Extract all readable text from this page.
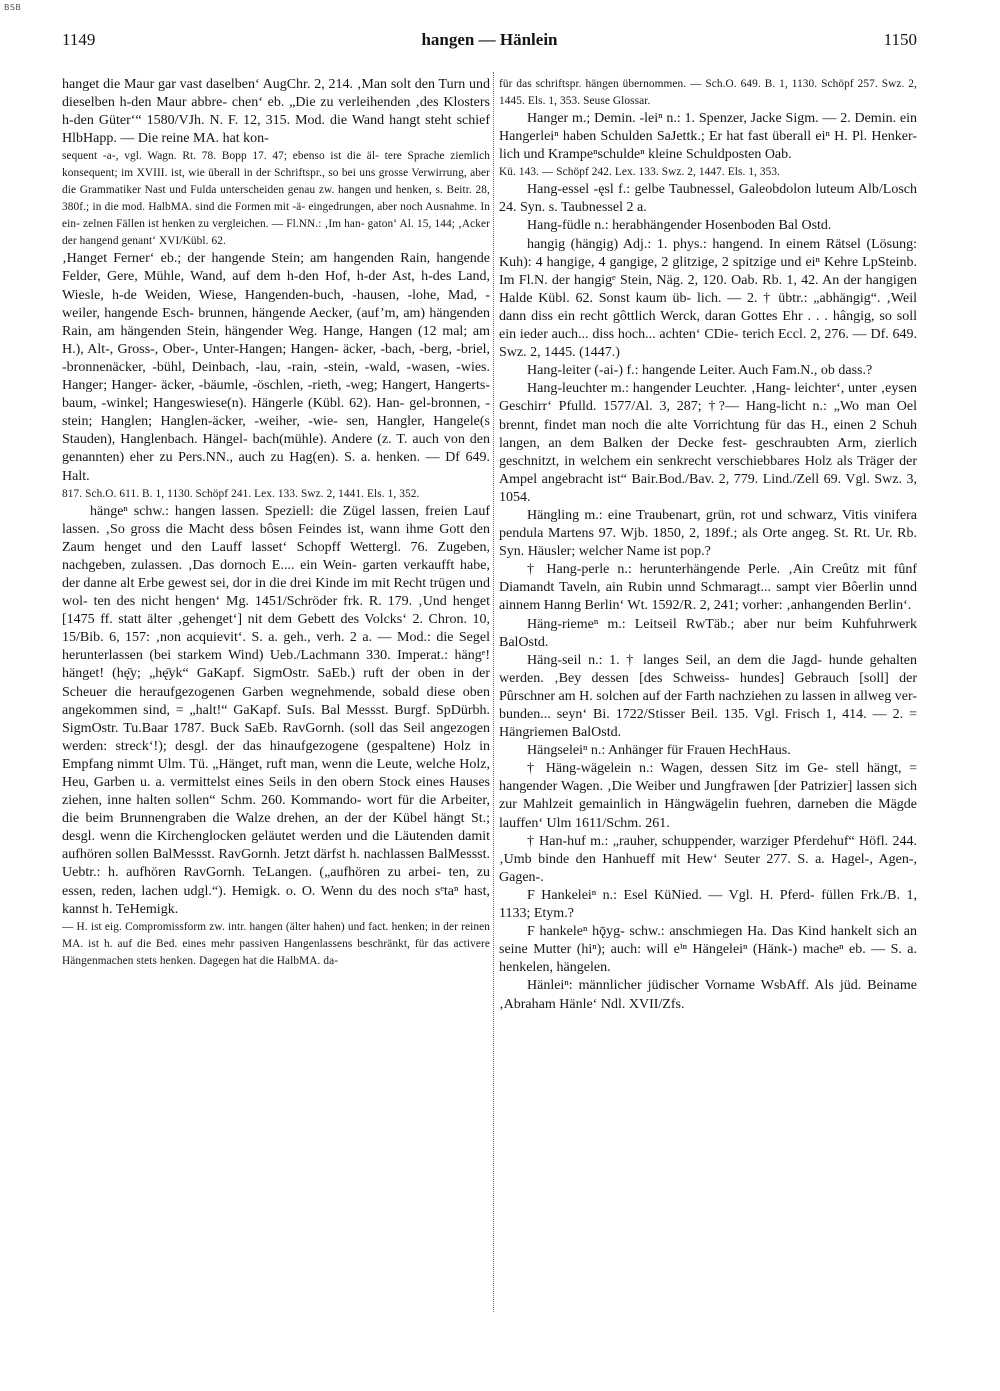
BSB
1149	hangen — Hänlein	1150

hanget die Maur gar vast daselben‘ AugChr. 2, 214. ‚Man solt den Turn und dieselben h-den Maur abbre- chen‘ eb. „Die zu verleihenden ‚des Klosters h-den Güter‘“ 1580/VJh. N. F. 12, 315. Mod. die Wand hangt steht schief HlbHapp. — Die reine MA. hat kon-

sequent -a-, vgl. Wagn. Rt. 78. Bopp 17. 47; ebenso ist die äl- tere Sprache ziemlich konsequent; im XVIII. ist, wie überall in der Schriftspr., so bei uns grosse Verwirrung, aber die Grammatiker Nast und Fulda unterscheiden genau zw. hangen und henken, s. Beitr. 28, 380f.; in die mod. HalbMA. sind die Formen mit -ä- eingedrungen, aber noch Ausnahme. In ein- zelnen Fällen ist henken zu vergleichen. — Fl.NN.: ‚Im han- gaton‘ Al. 15, 144; ‚Acker der hangend genant‘ XVI/Kübl. 62.

‚Hanget Ferner‘ eb.; der hangende Stein; am hangenden Rain, hangende Felder, Gere, Mühle, Wand, auf dem h-den Hof, h-der Ast, h-des Land, Wiesle, h-de Weiden, Wiese, Hangenden-buch, -hausen, -lohe, Mad, -weiler, hangende Esch- brunnen, hängende Aecker, (auf’m, am) hängenden Rain, am hängenden Stein, hängender Weg. Hange, Hangen (12 mal; am H.), Alt-, Gross-, Ober-, Unter-Hangen; Hangen- äcker, -bach, -berg, -briel, -bronnenäcker, -bühl, Deinbach, -lau, -rain, -stein, -wald, -wasen, -wies. Hanger; Hanger- äcker, -bäumle, -öschlen, -rieth, -weg; Hangert, Hangerts- baum, -winkel; Hangeswiese(n). Hängerle (Kübl. 62). Han- gel-bronnen, -stein; Hanglen; Hanglen-äcker, -weiher, -wie- sen, Hangler, Hangele(s Stauden), Hanglenbach. Hängel- bach(mühle). Andere (z. T. auch von den genannten) eher zu Pers.NN., auch zu Hag(en). S. a. henken. — Df 649. Halt.

817. Sch.O. 611. B. 1, 1130. Schöpf 241. Lex. 133. Swz. 2, 1441. Els. 1, 352.

hängeⁿ schw.: hangen lassen. Speziell: die Zügel lassen, freien Lauf lassen. ‚So gross die Macht dess bôsen Feindes ist, wann ihme Gott den Zaum henget und den Lauff lasset‘ Schopff Wettergl. 76. Zugeben, nachgeben, zulassen. ‚Das dornoch E.... ein Wein- garten verkaufft habe, der danne alt Erbe gewest sei, dor in die drei Kinde im mit Recht trügen und wol- ten des nicht hengen‘ Mg. 1451/Schröder frk. R. 179. ‚Und henget [1475 ff. statt älter ‚gehenget‘] nit dem Gebett des Volcks‘ 2. Chron. 10, 15/Bib. 6, 157: ‚non acquievit‘. S. a. geh., verh. 2 a. — Mod.: die Segel herunterlassen (bei starkem Wind) Ueb./Lachmann 330. Imperat.: hängᵉ! hänget! (hę̄y; „hę̄yk“ GaKapf. SigmOstr. SaEb.) ruft der oben in der Scheuer die heraufgezogenen Garben wegnehmende, sobald diese oben angekommen sind, = „halt!“ GaKapf. SuIs. Bal Messst. Burgf. SpDürbh. SigmOstr. Tu.Baar 1787. Buck SaEb. RavGornh. (soll das Seil angezogen werden: streck‘!); desgl. der das hinaufgezogene (gespaltene) Holz in Empfang nimmt Ulm. Tü. „Hänget, ruft man, wenn die Leute, welche Holz, Heu, Garben u. a. vermittelst eines Seils in den obern Stock eines Hauses ziehen, inne halten sollen“ Schm. 260. Kommando- wort für die Arbeiter, die beim Brunnengraben die Walze drehen, an der der Kübel hängt St.; desgl. wenn die Kirchenglocken geläutet werden und die Läutenden damit aufhören sollen BalMessst. RavGornh. Jetzt därfst h. nachlassen BalMessst. Uebtr.: h. aufhören RavGornh. TeLangen. („aufhören zu arbei- ten, zu essen, reden, lachen udgl.“). Hemigk. o. O. Wenn du des noch sᵉtaⁿ hast, kannst h. TeHemigk.

— H. ist eig. Compromissform zw. intr. hangen (älter hahen) und fact. henken; in der reinen MA. ist h. auf die Bed. eines mehr passiven Hangenlassens beschränkt, für das activere Hängenmachen stets henken. Dagegen hat die HalbMA. da-

für das schriftspr. hängen übernommen. — Sch.O. 649. B. 1, 1130. Schöpf 257. Swz. 2, 1445. Els. 1, 353. Seuse Glossar.

Hanger m.; Demin. -leiⁿ n.: 1. Spenzer, Jacke Sigm. — 2. Demin. ein Hangerleiⁿ haben Schulden SaJettk.; Er hat fast überall eiⁿ H. Pl. Henker- lich und Krampeⁿschuldeⁿ kleine Schuldposten Oab.

Kü. 143. — Schöpf 242. Lex. 133. Swz. 2, 1447. Els. 1, 353.

Hang-essel -ęsl f.: gelbe Taubnessel, Galeobdolon luteum Alb/Losch 24. Syn. s. Taubnessel 2 a.

Hang-füdle n.: herabhängender Hosenboden Bal Ostd.

hangig (hängig) Adj.: 1. phys.: hangend. In einem Rätsel (Lösung: Kuh): 4 hangige, 4 gangige, 2 glitzige, 2 spitzige und eiⁿ Kehre LpSteinb. Im Fl.N. der hangigᵉ Stein, Näg. 2, 120. Oab. Rb. 1, 42. An der hangigen Halde Kübl. 62. Sonst kaum üb- lich. — 2. † übtr.: „abhängig“. ‚Weil dann diss ein recht gôttlich Werck, daran Gottes Ehr . . . hângig, so soll ein ieder auch... diss hoch... achten‘ CDie- terich Eccl. 2, 276. — Df. 649. Swz. 2, 1445. (1447.)

Hang-leiter (-ai-) f.: hangende Leiter. Auch Fam.N., ob dass.?

Hang-leuchter m.: hangender Leuchter. ‚Hang- leichter‘, unter ‚eysen Geschirr‘ Pfulld. 1577/Al. 3, 287; †?— Hang-licht n.: „Wo man Oel brennt, findet man noch die alte Vorrichtung für das H., einen 2 Schuh langen, an dem Balken der Decke fest- geschraubten Arm, zierlich geschnitzt, in welchem ein senkrecht verschiebbares Holz als Träger der Ampel angebracht ist“ Bair.Bod./Bav. 2, 779. Lind./Zell 69. Vgl. Swz. 3, 1054.

Hängling m.: eine Traubenart, grün, rot und schwarz, Vitis vinifera pendula Martens 97. Wjb. 1850, 2, 189f.; als Orte angeg. St. Rt. Ur. Rb. Syn. Häusler; welcher Name ist pop.?

† Hang-perle n.: herunterhängende Perle. ‚Ain Creûtz mit fûnf Diamandt Taveln, ain Rubin unnd Schmaragt... sampt vier Bôerlin unnd ainnem Hanng Berlin‘ Wt. 1592/R. 2, 241; vorher: ‚anhangenden Berlin‘.

Häng-riemeⁿ m.: Leitseil RwTäb.; aber nur beim Kuhfuhrwerk BalOstd.

Häng-seil n.: 1. † langes Seil, an dem die Jagd- hunde gehalten werden. ‚Bey dessen [des Schweiss- hundes] Gebrauch [soll] der Pûrschner am H. solchen auf der Farth nachziehen zu lassen in allweg ver- bunden... seyn‘ Bi. 1722/Stisser Beil. 135. Vgl. Frisch 1, 414. — 2. = Hängriemen BalOstd.

Hängseleiⁿ n.: Anhänger für Frauen HechHaus.

† Häng-wägelein n.: Wagen, dessen Sitz im Ge- stell hängt, = hangender Wagen. ‚Die Weiber und Jungfrawen [der Patrizier] lassen sich zur Mahlzeit gemainlich in Hängwägelin fuehren, darneben die Mägde lauffen‘ Ulm 1611/Schm. 261.

† Han-huf m.: „rauher, schuppender, warziger Pferdehuf“ Höfl. 244. ‚Umb binde den Hanhueff mit Hew‘ Seuter 277. S. a. Hagel-, Agen-, Gagen-.

F Hankeleiⁿ n.: Esel KüNied. — Vgl. H. Pferd- füllen Frk./B. 1, 1133; Etym.?

F hankeleⁿ hǭyg- schw.: anschmiegen Ha. Das Kind hankelt sich an seine Mutter (hiⁿ); auch: will eⁱⁿ Hängeleiⁿ (Hänk-) macheⁿ eb. — S. a. henkelen, hängelen.

Hänleiⁿ: männlicher jüdischer Vorname WsbAff. Als jüd. Beiname ‚Abraham Hänle‘ Ndl. XVII/Zfs.
